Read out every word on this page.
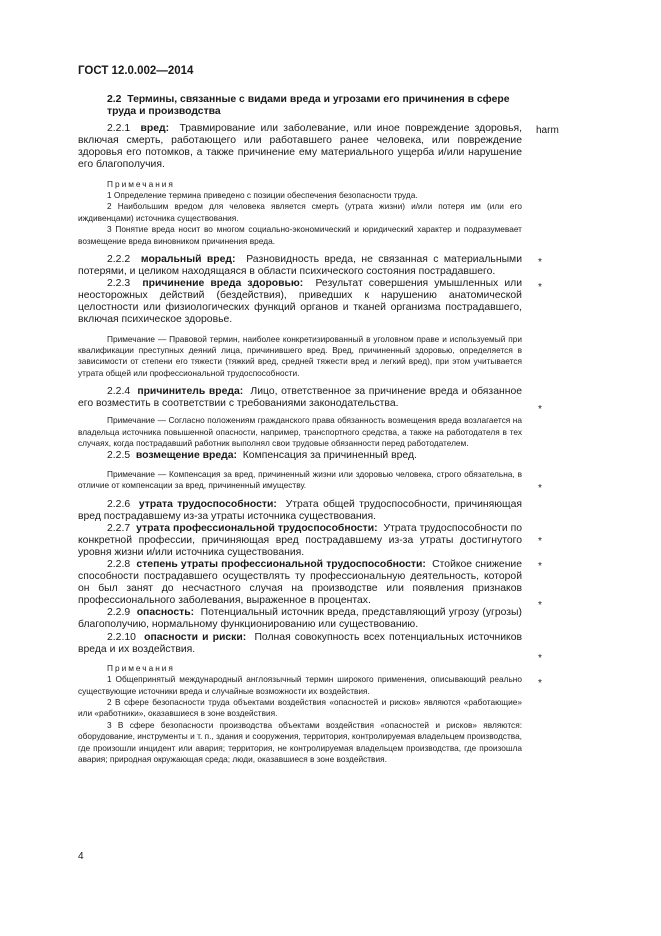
ГОСТ 12.0.002—2014

2.2 Термины, связанные с видами вреда и угрозами его причинения в сфере труда и производства

2.2.1 вред: Травмирование или заболевание, или иное повреждение здоровья, включая смерть, работающего или работавшего ранее человека, или повреждение здоровья его потомков, а также причинение ему материального ущерба и/или нарушение его благополучия.

Примечания

1 Определение термина приведено с позиции обеспечения безопасности труда.

2 Наибольшим вредом для человека является смерть (утрата жизни) и/или потеря им (или его иждивенцами) источника существования.

3 Понятие вреда носит во многом социально-экономический и юридический характер и подразумевает возмещение вреда виновником причинения вреда.

2.2.2 моральный вред: Разновидность вреда, не связанная с материальными потерями, и целиком находящаяся в области психического состояния пострадавшего.

2.2.3 причинение вреда здоровью: Результат совершения умышленных или неосторожных действий (бездействия), приведших к нарушению анатомической целостности или физиологических функций органов и тканей организма пострадавшего, включая психическое здоровье.

Примечание — Правовой термин, наиболее конкретизированный в уголовном праве и используемый при квалификации преступных деяний лица, причинившего вред. Вред, причиненный здоровью, определяется в зависимости от степени его тяжести (тяжкий вред, средней тяжести вред и легкий вред), при этом учитывается утрата общей или профессиональной трудоспособности.

2.2.4 причинитель вреда: Лицо, ответственное за причинение вреда и обязанное его возместить в соответствии с требованиями законодательства.

Примечание — Согласно положениям гражданского права обязанность возмещения вреда возлагается на владельца источника повышенной опасности, например, транспортного средства, а также на работодателя в тех случаях, когда пострадавший работник выполнял свои трудовые обязанности перед работодателем.

2.2.5 возмещение вреда: Компенсация за причиненный вред.

Примечание — Компенсация за вред, причиненный жизни или здоровью человека, строго обязательна, в отличие от компенсации за вред, причиненный имуществу.

2.2.6 утрата трудоспособности: Утрата общей трудоспособности, причиняющая вред пострадавшему из-за утраты источника существования.

2.2.7 утрата профессиональной трудоспособности: Утрата трудоспособности по конкретной профессии, причиняющая вред пострадавшему из-за утраты достигнутого уровня жизни и/или источника существования.

2.2.8 степень утраты профессиональной трудоспособности: Стойкое снижение способности пострадавшего осуществлять ту профессиональную деятельность, которой он был занят до несчастного случая на производстве или появления признаков профессионального заболевания, выраженное в процентах.

2.2.9 опасность: Потенциальный источник вреда, представляющий угрозу (угрозы) благополучию, нормальному функционированию или существованию.

2.2.10 опасности и риски: Полная совокупность всех потенциальных источников вреда и их воздействия.

Примечания

1 Общепринятый международный англоязычный термин широкого применения, описывающий реально существующие источники вреда и случайные возможности их воздействия.

2 В сфере безопасности труда объектами воздействия «опасностей и рисков» являются «работающие» или «работники», оказавшиеся в зоне воздействия.

3 В сфере безопасности производства объектами воздействия «опасностей и рисков» являются: оборудование, инструменты и т. п., здания и сооружения, территория, контролируемая владельцем производства, где произошли инцидент или авария; территория, не контролируемая владельцем производства, где произошла авария; природная окружающая среда; люди, оказавшиеся в зоне воздействия.

harm
*
*
*
*
*
*
*
*
*
4
